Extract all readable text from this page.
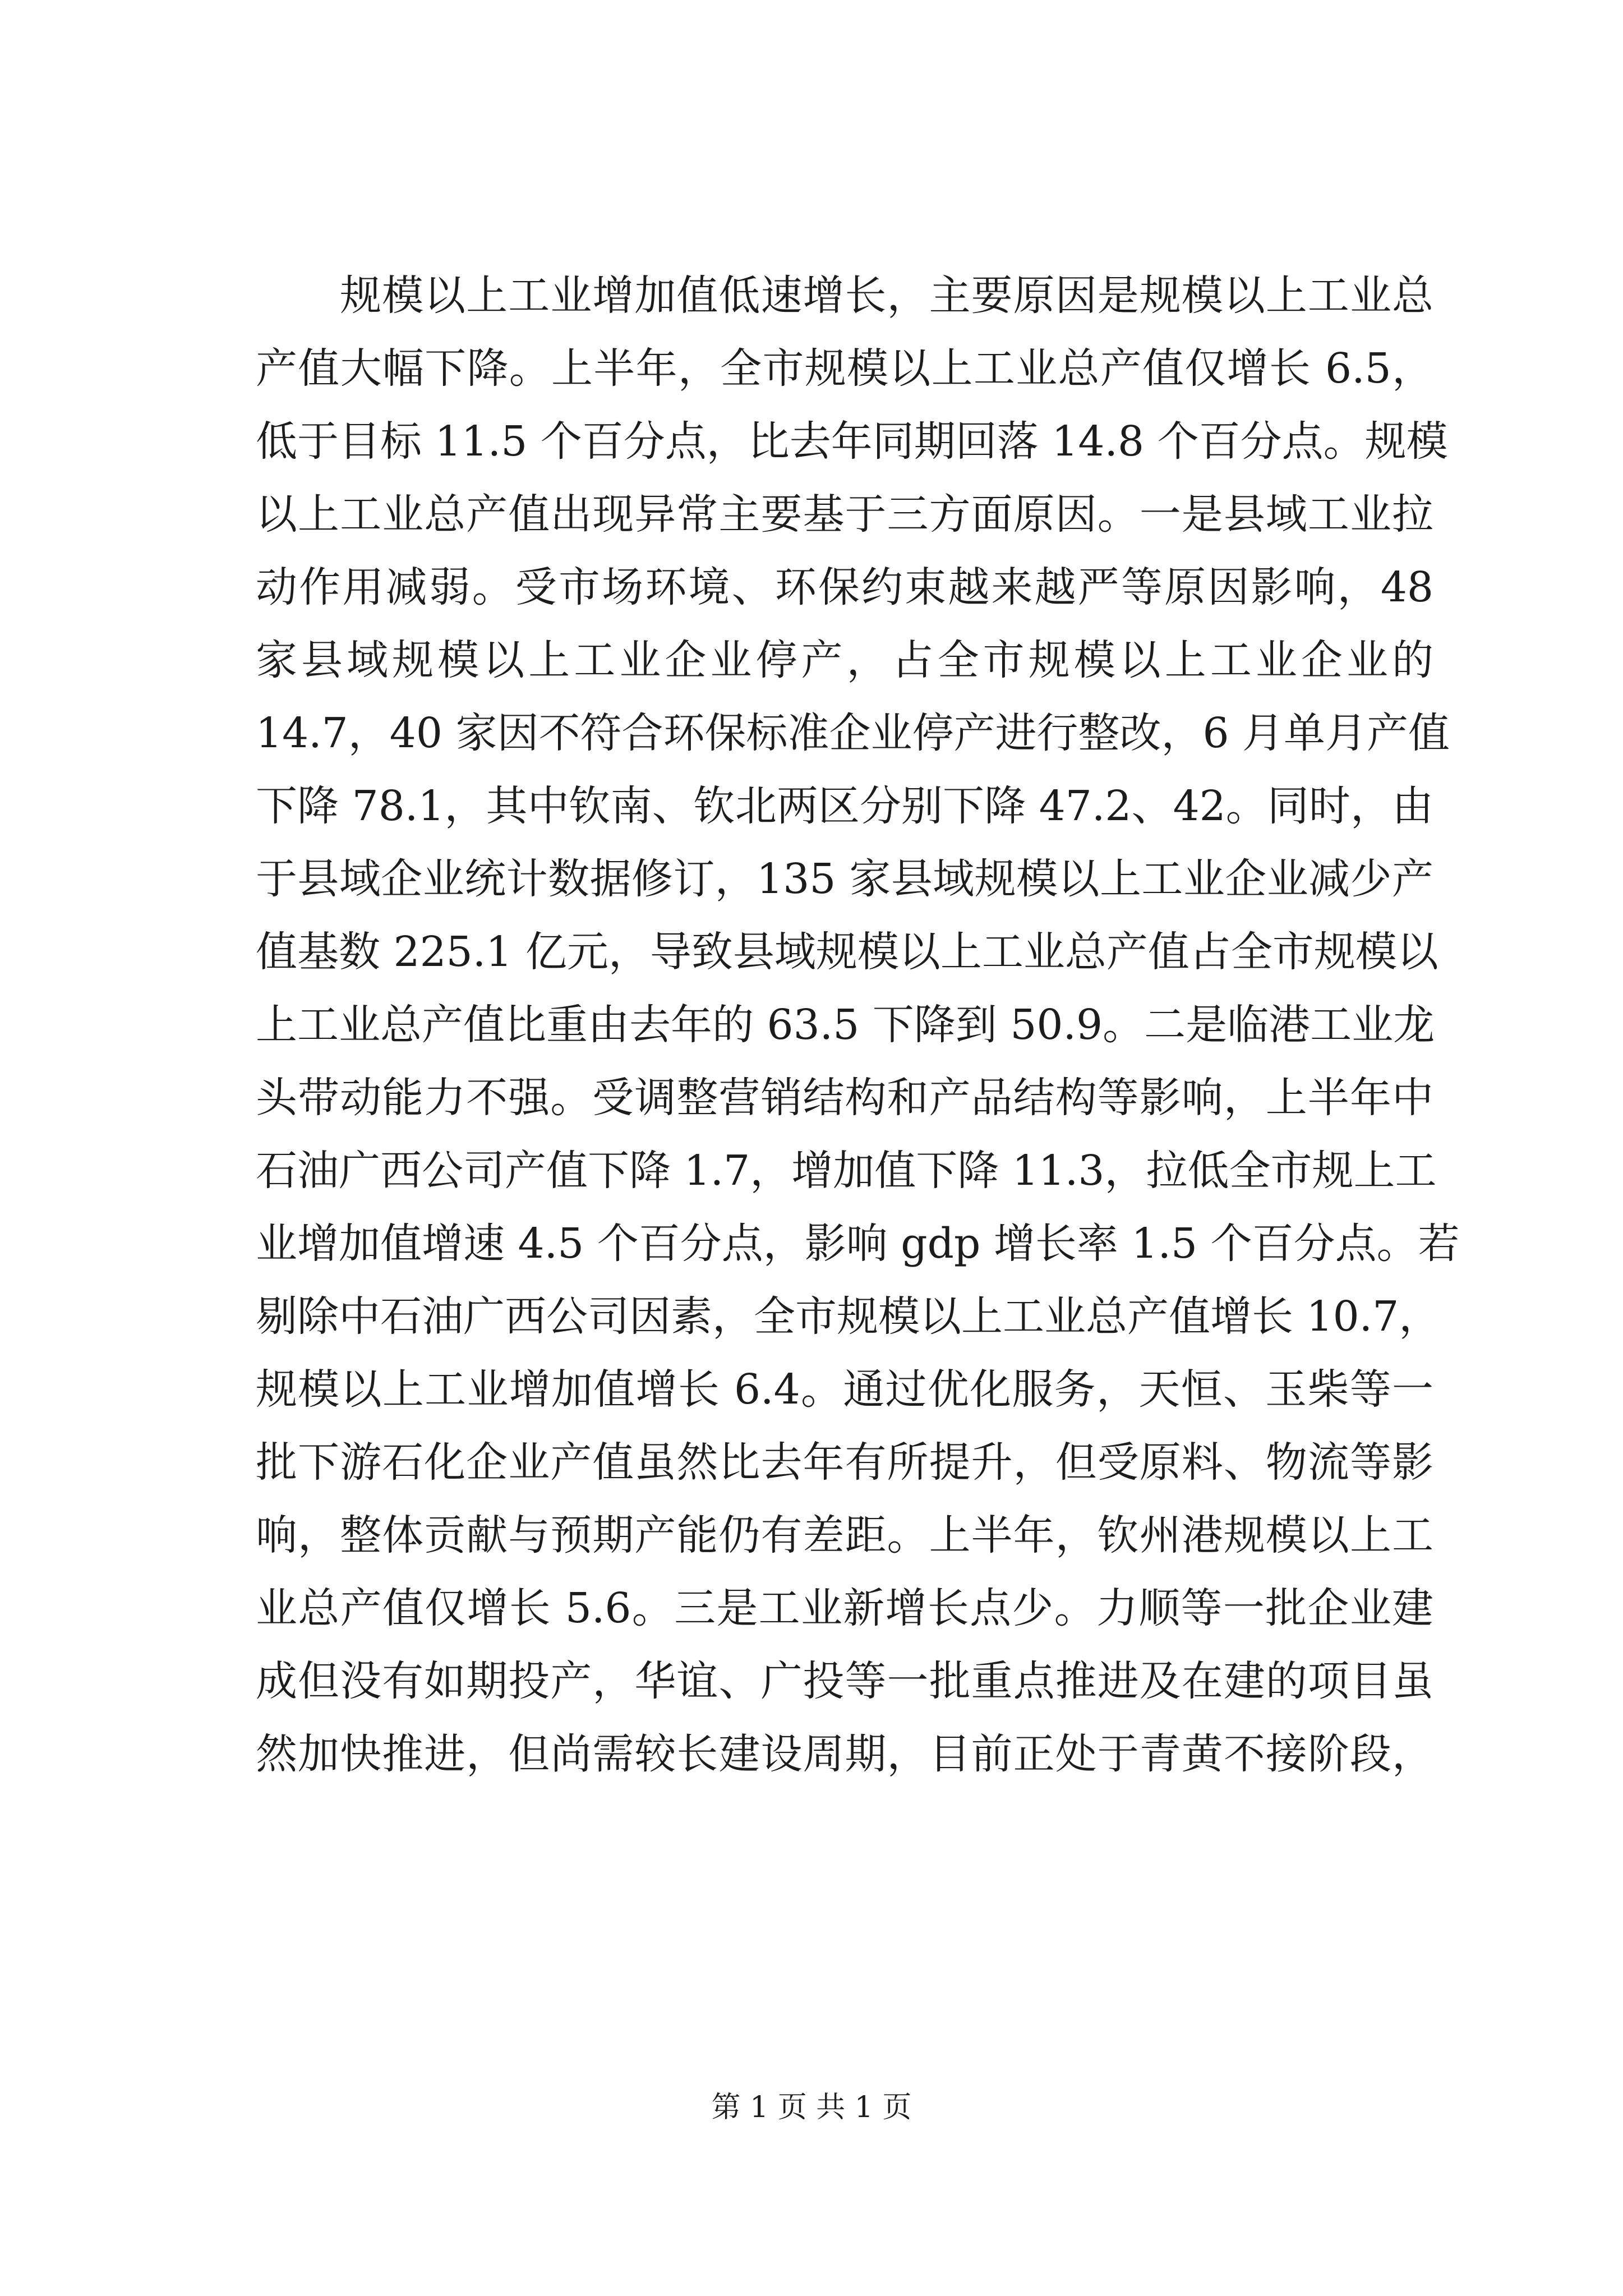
　　规模以上工业增加值低速增长，主要原因是规模以上工业总
产值大幅下降。上半年，全市规模以上工业总产值仅增长 6.5，
低于目标 11.5 个百分点，比去年同期回落 14.8 个百分点。规模
以上工业总产值出现异常主要基于三方面原因。一是县域工业拉
动作用减弱。受市场环境、环保约束越来越严等原因影响，48
家县域规模以上工业企业停产，占全市规模以上工业企业的
14.7，40 家因不符合环保标准企业停产进行整改，6 月单月产值
下降 78.1，其中钦南、钦北两区分别下降 47.2、42。同时，由
于县域企业统计数据修订，135 家县域规模以上工业企业减少产
值基数 225.1 亿元，导致县域规模以上工业总产值占全市规模以
上工业总产值比重由去年的 63.5 下降到 50.9。二是临港工业龙
头带动能力不强。受调整营销结构和产品结构等影响，上半年中
石油广西公司产值下降 1.7，增加值下降 11.3，拉低全市规上工
业增加值增速 4.5 个百分点，影响 gdp 增长率 1.5 个百分点。若
剔除中石油广西公司因素，全市规模以上工业总产值增长 10.7，
规模以上工业增加值增长 6.4。通过优化服务，天恒、玉柴等一
批下游石化企业产值虽然比去年有所提升，但受原料、物流等影
响，整体贡献与预期产能仍有差距。上半年，钦州港规模以上工
业总产值仅增长 5.6。三是工业新增长点少。力顺等一批企业建
成但没有如期投产，华谊、广投等一批重点推进及在建的项目虽
然加快推进，但尚需较长建设周期，目前正处于青黄不接阶段，
第 1 页 共 1 页
